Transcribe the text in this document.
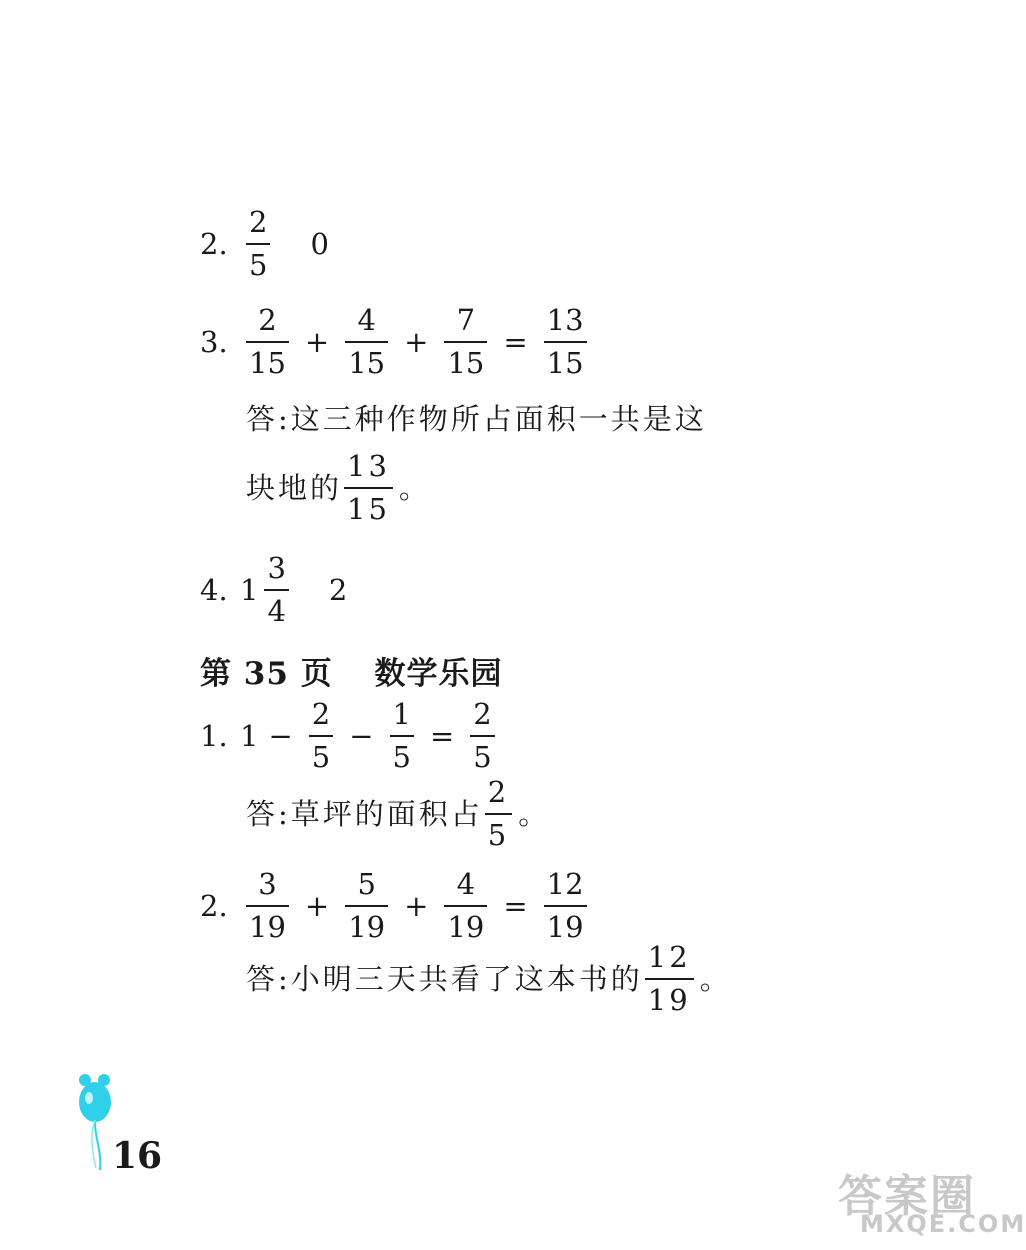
2. $\frac{2}{5} 0$
3. $\frac{2}{15} + \frac{4}{15} + \frac{7}{15} = \frac{13}{15}$
答:这三种作物所占面积一共是这
块地的 $\frac{13}{15}$ 。
4. $1 \frac{3}{4} 2$
第 35 页 数学乐园
1. $1 - \frac{2}{5} - \frac{1}{5} = \frac{2}{5}$
答:草坪的面积占 $\frac{2}{5}$ 。
2. $\frac{3}{19} + \frac{5}{19} + \frac{4}{19} = \frac{12}{19}$
答:小明三天共看了这本书的 $\frac{12}{19}$ 。
16
答案圈
MXQE.COM
